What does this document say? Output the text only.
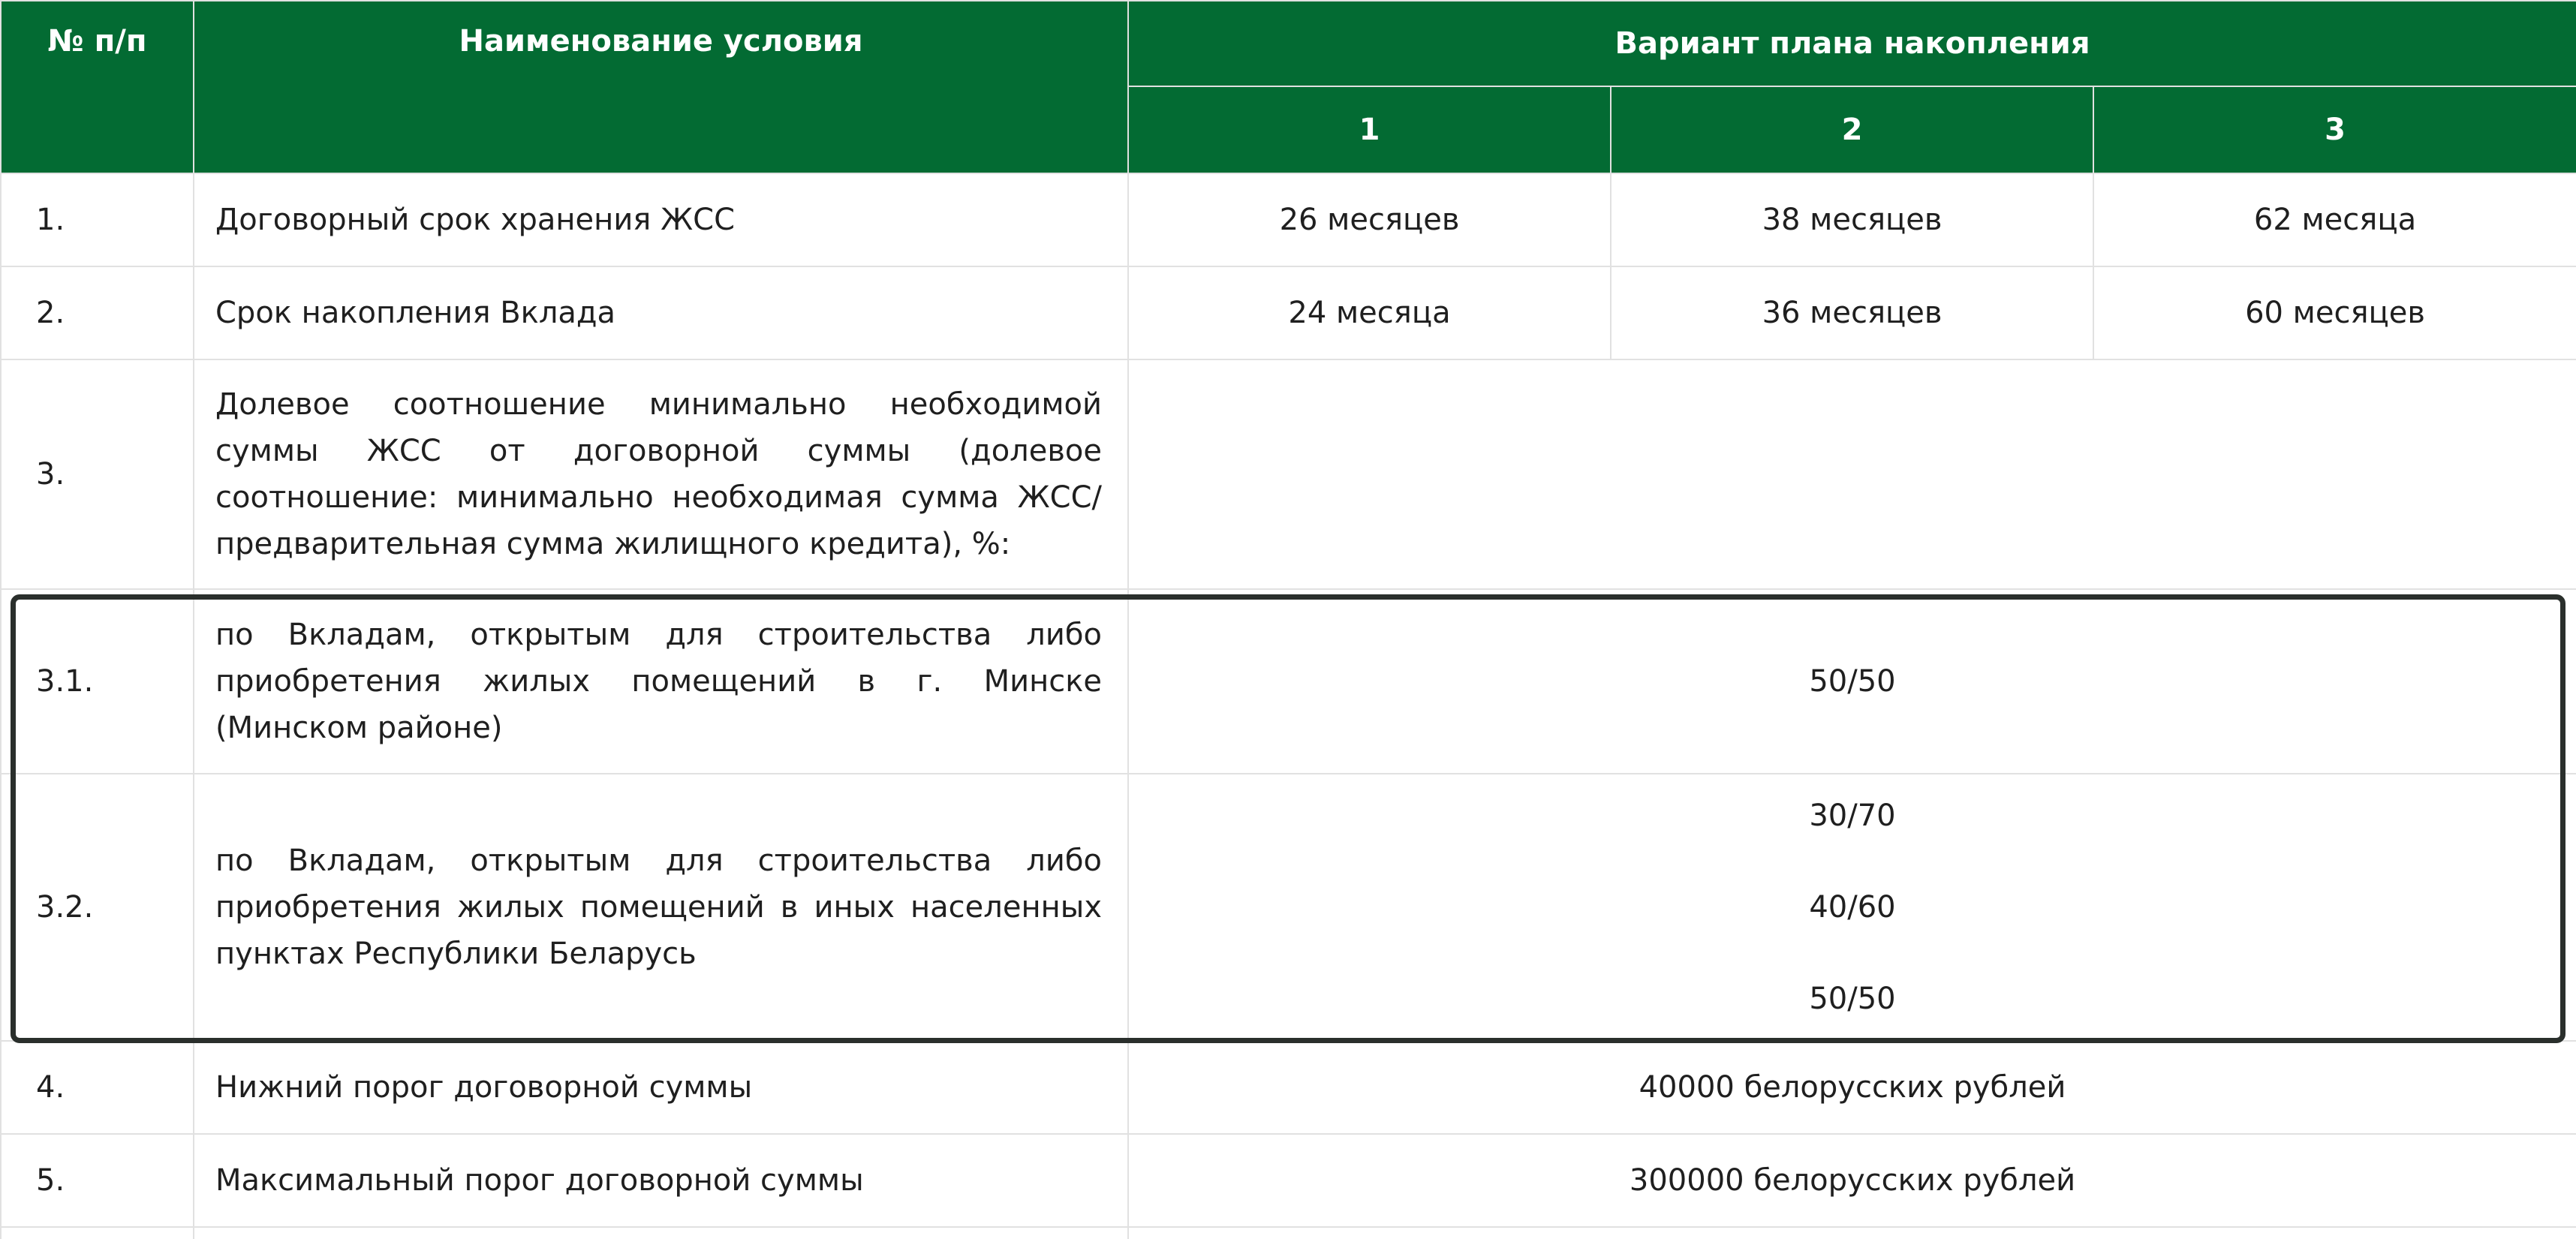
№ п/п	Наименование условия	Вариант плана накопления		
		1	2	3
1.	Договорный срок хранения ЖСС	26 месяцев	38 месяцев	62 месяца
2.	Срок накопления Вклада	24 месяца	36 месяцев	60 месяцев
3.	Долевое соотношение минимально необходимой суммы ЖСС от договорной суммы (долевое соотношение: минимально необходимая сумма ЖСС/предварительная сумма жилищного кредита), %:			
3.1.	по Вкладам, открытым для строительства либо приобретения жилых помещений в г. Минске (Минском районе)	50/50		
3.2.	по Вкладам, открытым для строительства либо приобретения жилых помещений в иных населенных пунктах Республики Беларусь	30/70
40/60
50/50		

4.	Нижний порог договорной суммы	40000 белорусских рублей		
5.	Максимальный порог договорной суммы	300000 белорусских рублей		
